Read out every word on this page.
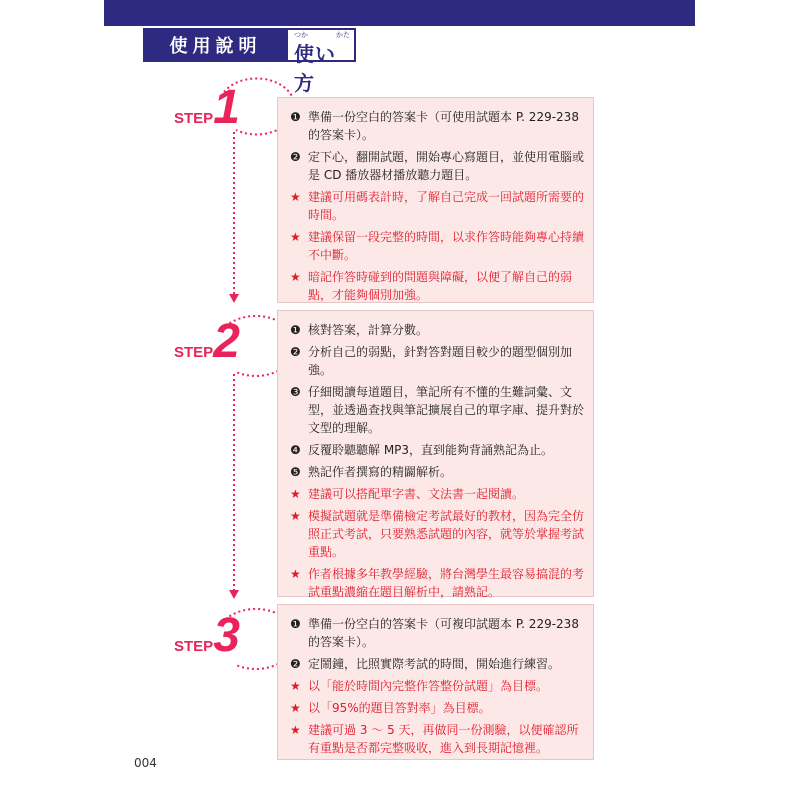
使用說明
つか	かた
使い方
STEP 1
STEP 2
STEP 3
❶ 準備一份空白的答案卡（可使用試題本 P. 229-238 的答案卡）。
❷ 定下心，翻開試題，開始專心寫題目，並使用電腦或是 CD 播放器材播放聽力題目。
★ 建議可用碼表計時，了解自己完成一回試題所需要的時間。
★ 建議保留一段完整的時間，以求作答時能夠專心持續不中斷。
★ 暗記作答時碰到的問題與障礙，以便了解自己的弱點，才能夠個別加強。
❶ 核對答案，計算分數。
❷ 分析自己的弱點，針對答對題目較少的題型個別加強。
❸ 仔細閱讀每道題目，筆記所有不懂的生難詞彙、文型，並透過查找與筆記擴展自己的單字庫、提升對於文型的理解。
❹ 反覆聆聽聽解 MP3，直到能夠背誦熟記為止。
❺ 熟記作者撰寫的精闢解析。
★ 建議可以搭配單字書、文法書一起閱讀。
★ 模擬試題就是準備檢定考試最好的教材，因為完全仿照正式考試，只要熟悉試題的內容，就等於掌握考試重點。
★ 作者根據多年教學經驗，將台灣學生最容易搞混的考試重點濃縮在題目解析中，請熟記。
❶ 準備一份空白的答案卡（可複印試題本 P. 229-238 的答案卡）。
❷ 定鬧鐘，比照實際考試的時間，開始進行練習。
★ 以「能於時間內完整作答整份試題」為目標。
★ 以「95%的題目答對率」為目標。
★ 建議可過 3 ～ 5 天，再做同一份測驗，以便確認所有重點是否都完整吸收，進入到長期記憶裡。
004
